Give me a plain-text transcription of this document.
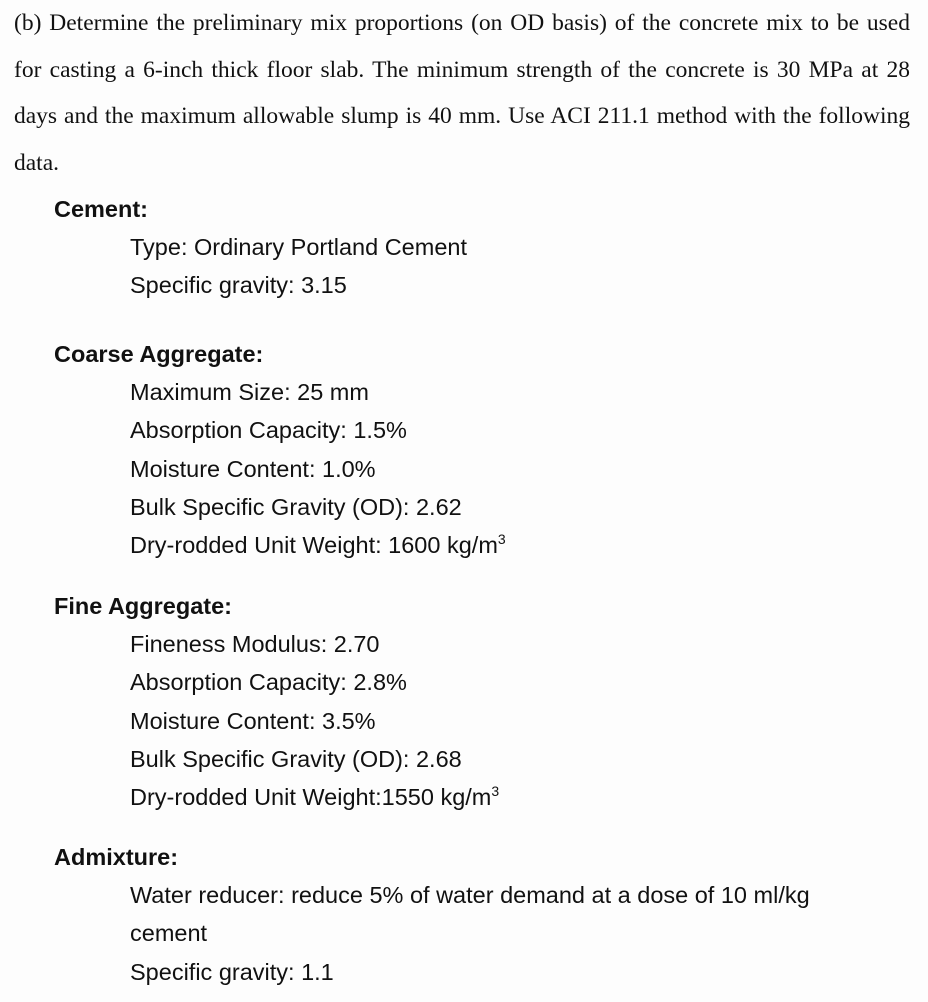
(b) Determine the preliminary mix proportions (on OD basis) of the concrete mix to be used for casting a 6-inch thick floor slab. The minimum strength of the concrete is 30 MPa at 28 days and the maximum allowable slump is 40 mm. Use ACI 211.1 method with the following data.
Cement:
Type: Ordinary Portland Cement
Specific gravity: 3.15
Coarse Aggregate:
Maximum Size: 25 mm
Absorption Capacity: 1.5%
Moisture Content: 1.0%
Bulk Specific Gravity (OD): 2.62
Dry-rodded Unit Weight: 1600 $kg/m^3$
Fine Aggregate:
Fineness Modulus: 2.70
Absorption Capacity: 2.8%
Moisture Content: 3.5%
Bulk Specific Gravity (OD): 2.68
Dry-rodded Unit Weight:1550 $kg/m^3$
Admixture:
Water reducer: reduce 5% of water demand at a dose of 10 ml/kg cement
Specific gravity: 1.1
